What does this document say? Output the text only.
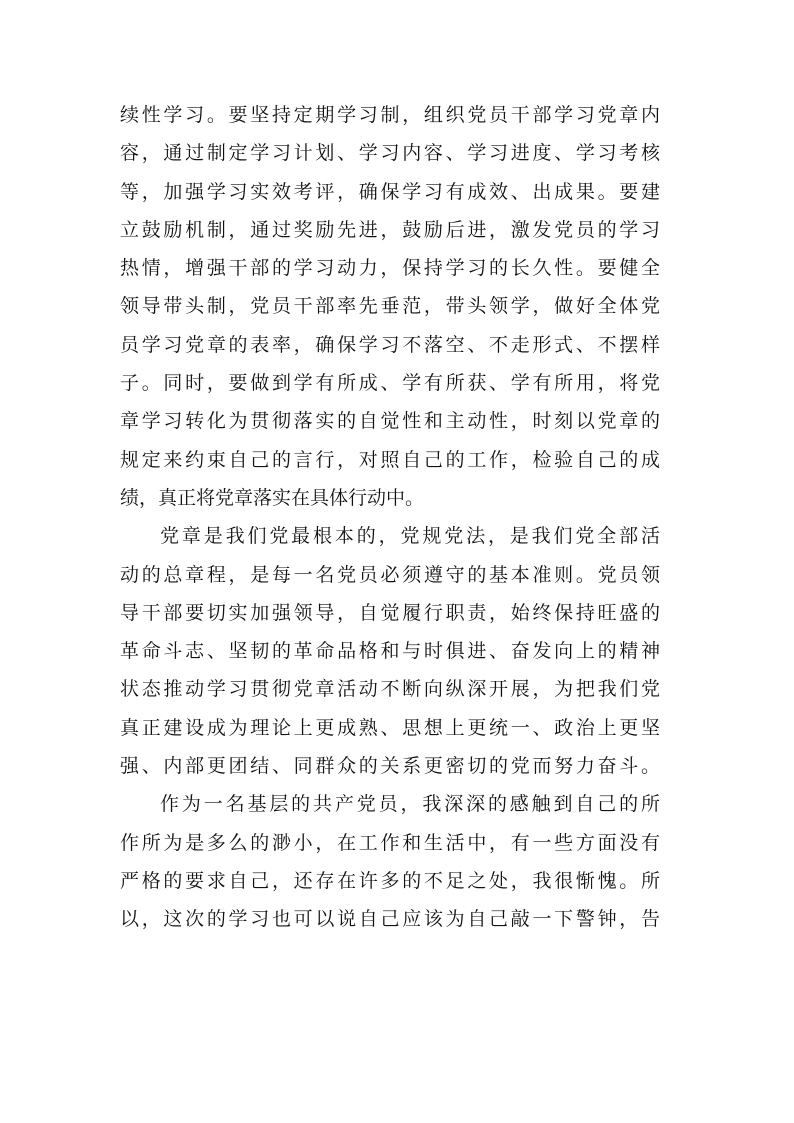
续性学习。要坚持定期学习制，组织党员干部学习党章内
容，通过制定学习计划、学习内容、学习进度、学习考核
等，加强学习实效考评，确保学习有成效、出成果。要建
立鼓励机制，通过奖励先进，鼓励后进，激发党员的学习
热情，增强干部的学习动力，保持学习的长久性。要健全
领导带头制，党员干部率先垂范，带头领学，做好全体党
员学习党章的表率，确保学习不落空、不走形式、不摆样
子。同时，要做到学有所成、学有所获、学有所用，将党
章学习转化为贯彻落实的自觉性和主动性，时刻以党章的
规定来约束自己的言行，对照自己的工作，检验自己的成
绩，真正将党章落实在具体行动中。
党章是我们党最根本的，党规党法，是我们党全部活
动的总章程，是每一名党员必须遵守的基本准则。党员领
导干部要切实加强领导，自觉履行职责，始终保持旺盛的
革命斗志、坚韧的革命品格和与时俱进、奋发向上的精神
状态推动学习贯彻党章活动不断向纵深开展，为把我们党
真正建设成为理论上更成熟、思想上更统一、政治上更坚
强、内部更团结、同群众的关系更密切的党而努力奋斗。
作为一名基层的共产党员，我深深的感触到自己的所
作所为是多么的渺小，在工作和生活中，有一些方面没有
严格的要求自己，还存在许多的不足之处，我很惭愧。所
以，这次的学习也可以说自己应该为自己敲一下警钟，告
